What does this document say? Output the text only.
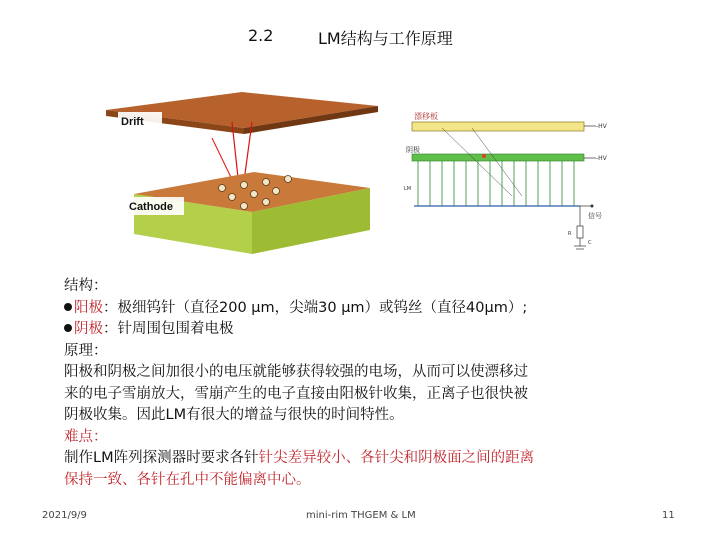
2.2	LM结构与工作原理
Drift
Cathode
漂移板
-HV
阴极
-HV
LM
信号
R
C

结构：

阳极：极细钨针（直径200 μm，尖端30 μm）或钨丝（直径40μm）;

阴极：针周围包围着电极

原理：

阳极和阴极之间加很小的电压就能够获得较强的电场，从而可以使漂移过

来的电子雪崩放大，雪崩产生的电子直接由阳极针收集，正离子也很快被

阴极收集。因此LM有很大的增益与很快的时间特性。

难点：

制作LM阵列探测器时要求各针针尖差异较小、各针尖和阴极面之间的距离

保持一致、各针在孔中不能偏离中心。

2021/9/9	mini-rim THGEM & LM	11
